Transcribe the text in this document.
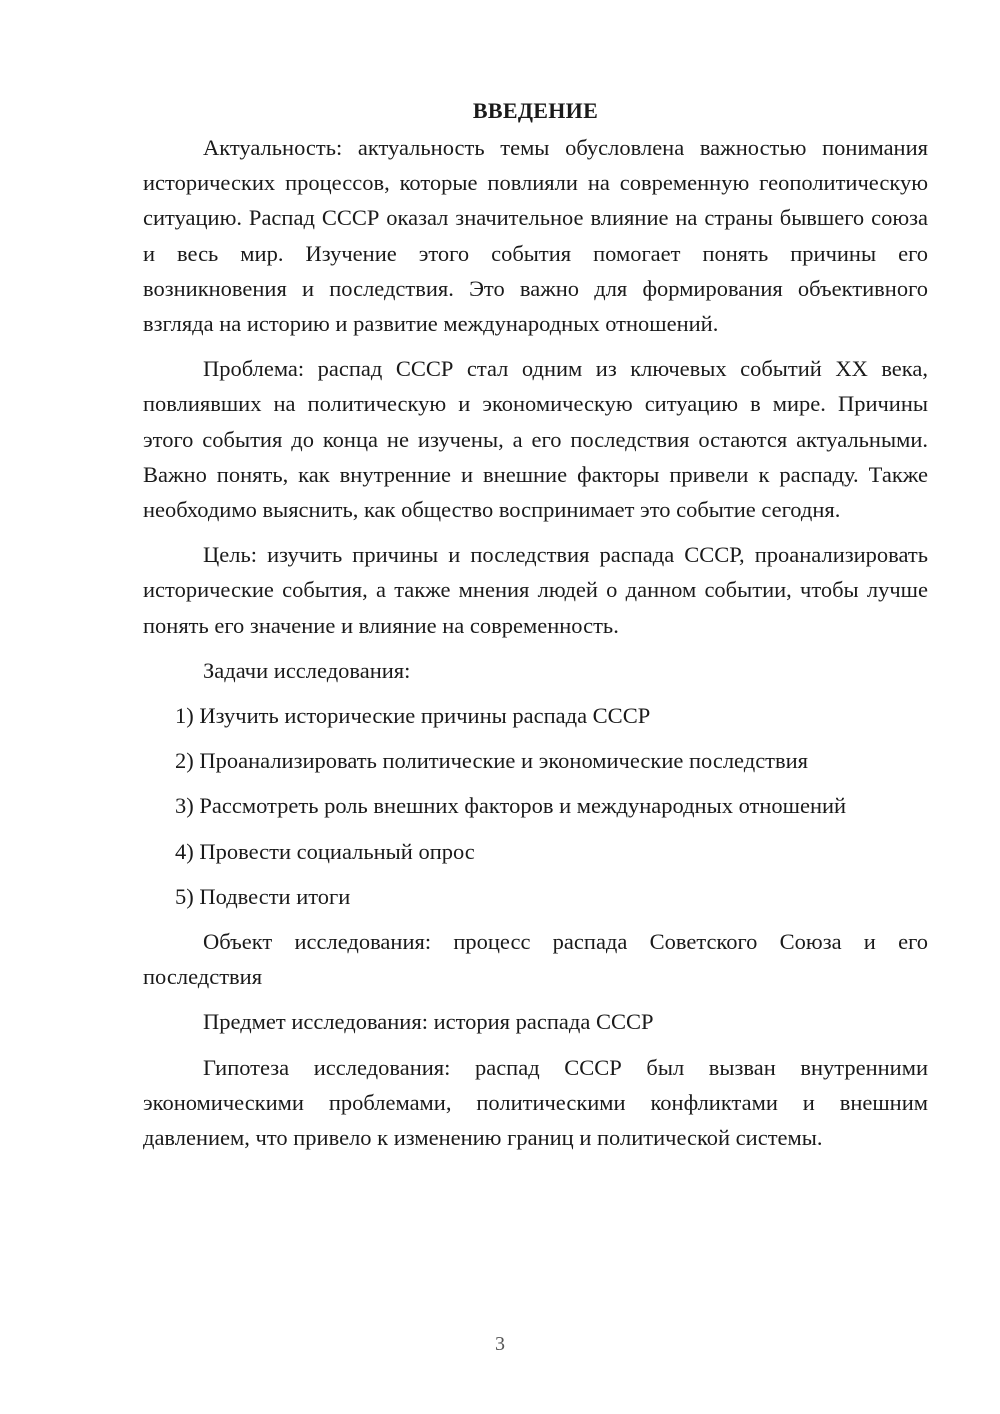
ВВЕДЕНИЕ

Актуальность: актуальность темы обусловлена важностью понимания исторических процессов, которые повлияли на современную геополитическую ситуацию. Распад СССР оказал значительное влияние на страны бывшего союза и весь мир. Изучение этого события помогает понять причины его возникновения и последствия. Это важно для формирования объективного взгляда на историю и развитие международных отношений.

Проблема: распад СССР стал одним из ключевых событий XX века, повлиявших на политическую и экономическую ситуацию в мире. Причины этого события до конца не изучены, а его последствия остаются актуальными. Важно понять, как внутренние и внешние факторы привели к распаду. Также необходимо выяснить, как общество воспринимает это событие сегодня.

Цель: изучить причины и последствия распада СССР, проанализировать исторические события, а также мнения людей о данном событии, чтобы лучше понять его значение и влияние на современность.

Задачи исследования:

1) Изучить исторические причины распада СССР

2) Проанализировать политические и экономические последствия

3) Рассмотреть роль внешних факторов и международных отношений

4) Провести социальный опрос

5) Подвести итоги

Объект исследования: процесс распада Советского Союза и его последствия

Предмет исследования: история распада СССР

Гипотеза исследования: распад СССР был вызван внутренними экономическими проблемами, политическими конфликтами и внешним давлением, что привело к изменению границ и политической системы.

3
